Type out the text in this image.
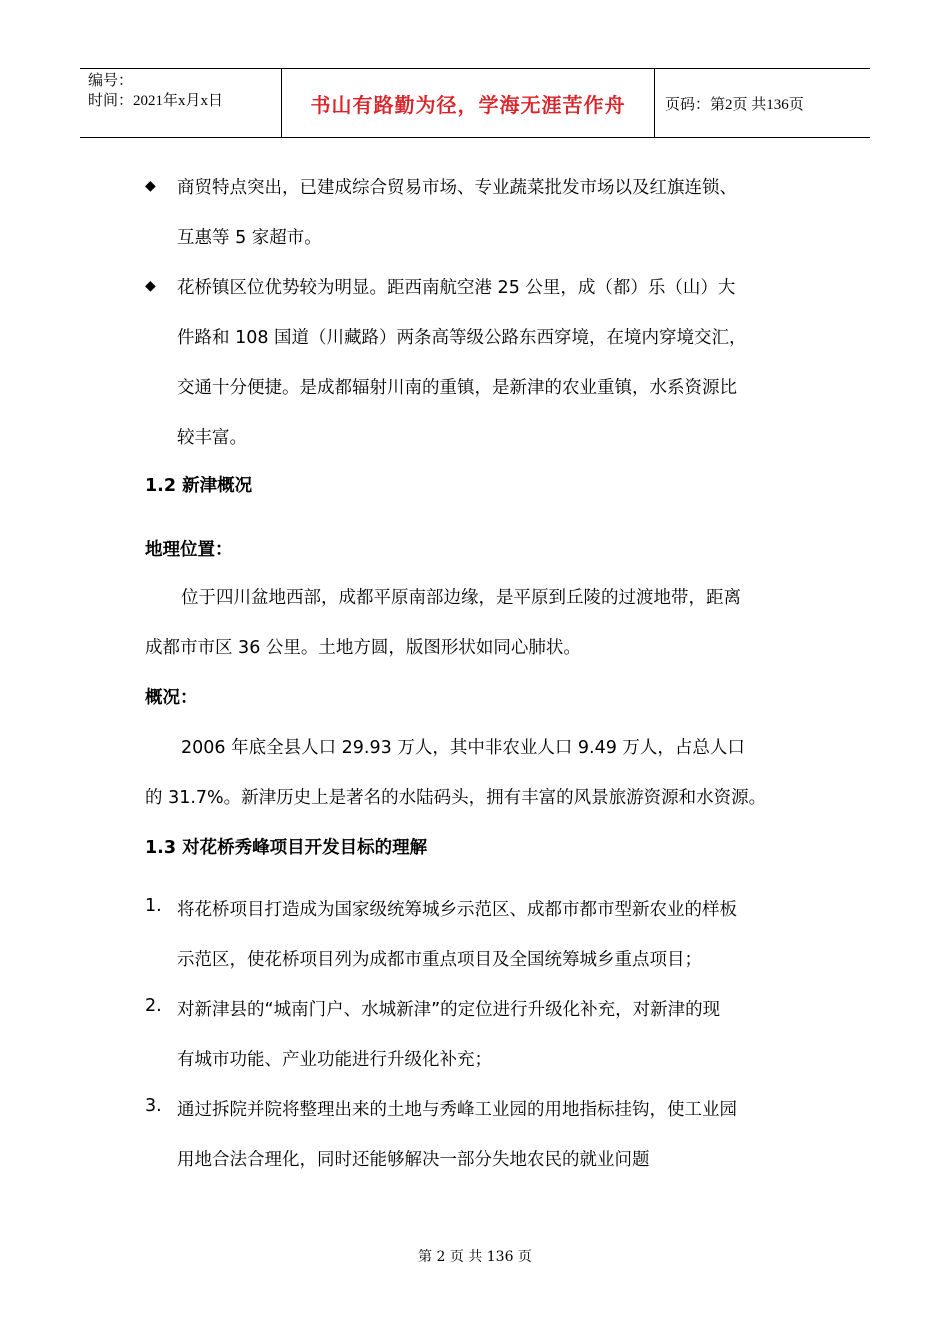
编号：
时间：2021年x月x日	书山有路勤为径，学海无涯苦作舟	页码：第2页 共136页
◆ 商贸特点突出，已建成综合贸易市场、专业蔬菜批发市场以及红旗连锁、
互惠等 5 家超市。
◆ 花桥镇区位优势较为明显。距西南航空港 25 公里，成（都）乐（山）大
件路和 108 国道（川藏路）两条高等级公路东西穿境，在境内穿境交汇，
交通十分便捷。是成都辐射川南的重镇，是新津的农业重镇，水系资源比
较丰富。
1.2 新津概况
地理位置：
位于四川盆地西部，成都平原南部边缘，是平原到丘陵的过渡地带，距离
成都市市区 36 公里。土地方圆，版图形状如同心肺状。
概况：
2006 年底全县人口 29.93 万人，其中非农业人口 9.49 万人，占总人口
的 31.7%。新津历史上是著名的水陆码头，拥有丰富的风景旅游资源和水资源。
1.3 对花桥秀峰项目开发目标的理解
1. 将花桥项目打造成为国家级统筹城乡示范区、成都市都市型新农业的样板
示范区，使花桥项目列为成都市重点项目及全国统筹城乡重点项目；
2. 对新津县的“城南门户、水城新津”的定位进行升级化补充，对新津的现
有城市功能、产业功能进行升级化补充；
3. 通过拆院并院将整理出来的土地与秀峰工业园的用地指标挂钩，使工业园
用地合法合理化，同时还能够解决一部分失地农民的就业问题
第 2 页 共 136 页
